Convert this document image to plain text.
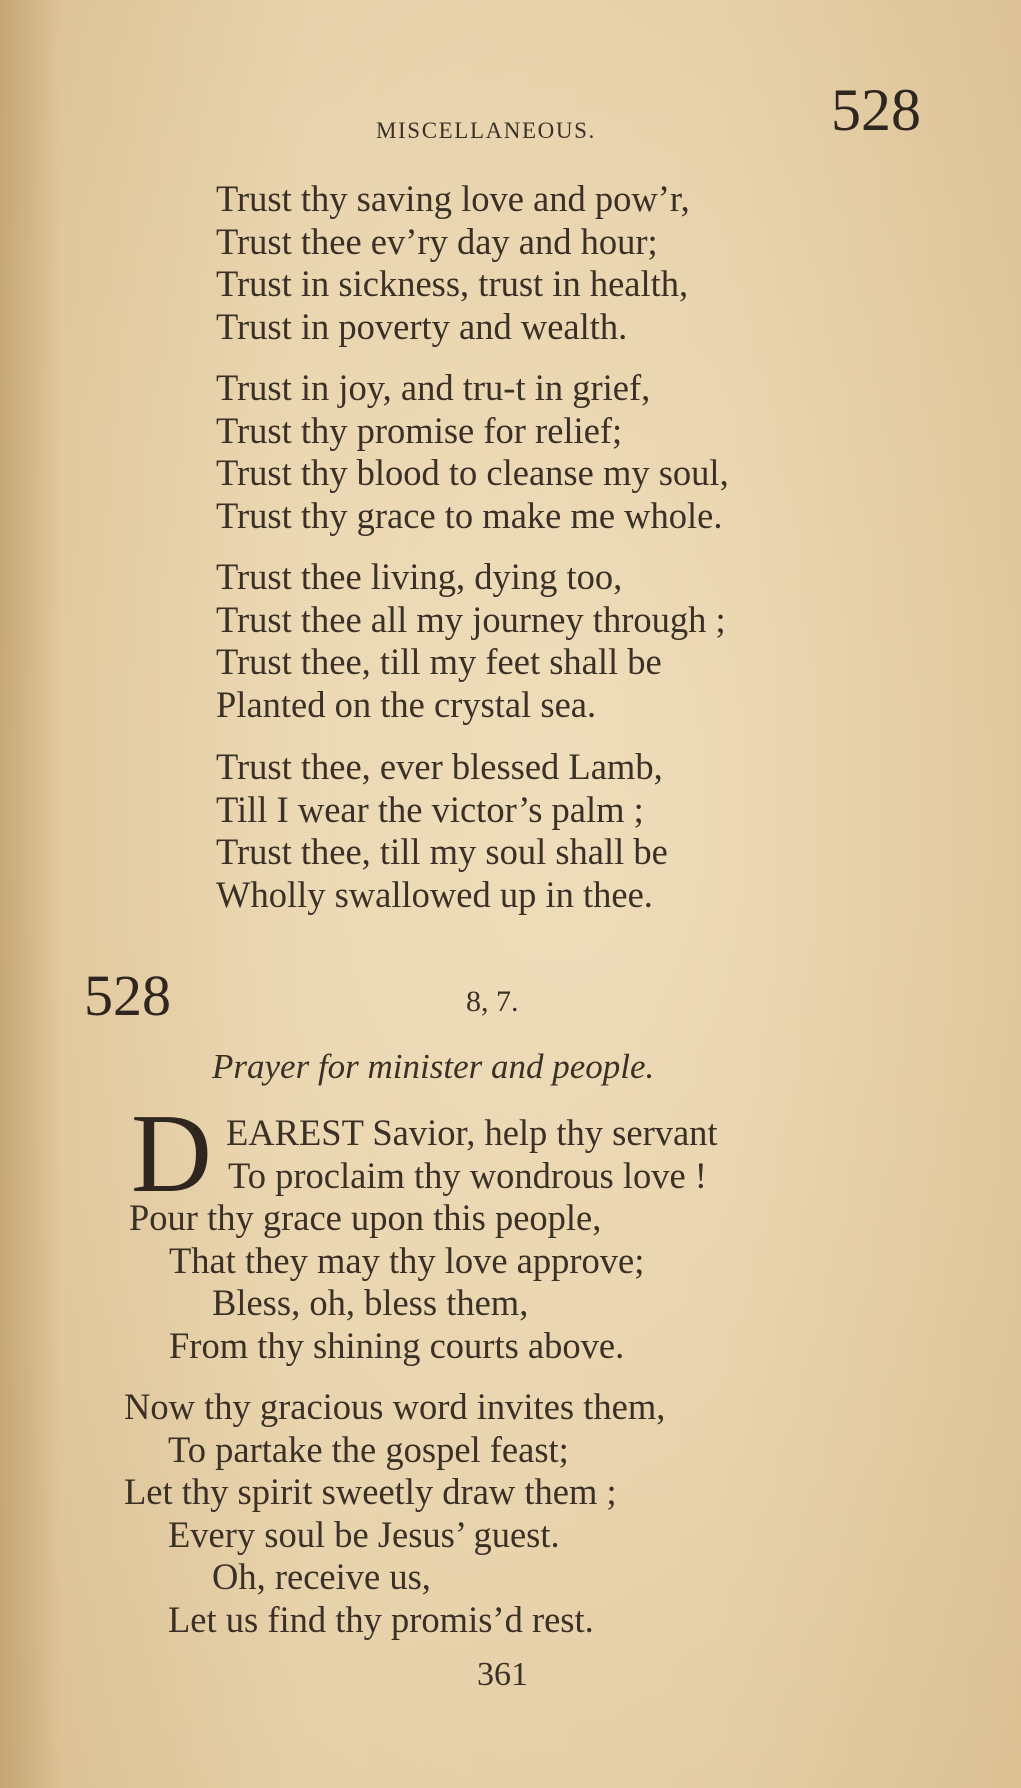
MISCELLANEOUS.	528
Trust thy saving love and pow’r,
Trust thee ev’ry day and hour;
Trust in sickness, trust in health,
Trust in poverty and wealth.
Trust in joy, and tru-t in grief,
Trust thy promise for relief;
Trust thy blood to cleanse my soul,
Trust thy grace to make me whole.
Trust thee living, dying too,
Trust thee all my journey through ;
Trust thee, till my feet shall be
Planted on the crystal sea.
Trust thee, ever blessed Lamb,
Till I wear the victor’s palm ;
Trust thee, till my soul shall be
Wholly swallowed up in thee.
528	8, 7.
Prayer for minister and people.
D EAREST Savior, help thy servant
To proclaim thy wondrous love !
Pour thy grace upon this people,
That they may thy love approve;
Bless, oh, bless them,
From thy shining courts above.
Now thy gracious word invites them,
To partake the gospel feast;
Let thy spirit sweetly draw them ;
Every soul be Jesus’ guest.
Oh, receive us,
Let us find thy promis’d rest.
361
